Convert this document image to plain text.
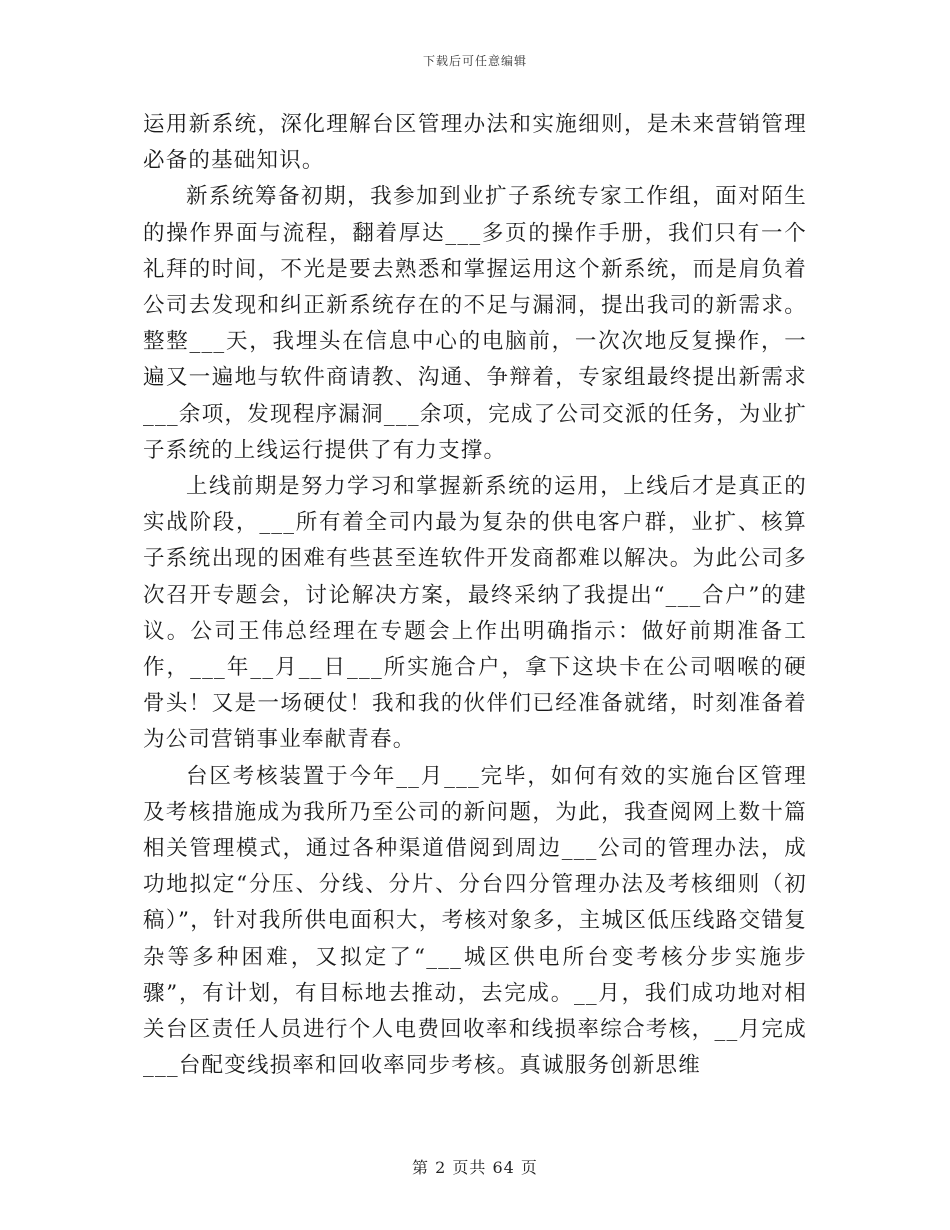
下载后可任意编辑

运用新系统，深化理解台区管理办法和实施细则，是未来营销管理必备的基础知识。

新系统筹备初期，我参加到业扩子系统专家工作组，面对陌生的操作界面与流程，翻着厚达___多页的操作手册，我们只有一个礼拜的时间，不光是要去熟悉和掌握运用这个新系统，而是肩负着公司去发现和纠正新系统存在的不足与漏洞，提出我司的新需求。整整___天，我埋头在信息中心的电脑前，一次次地反复操作，一遍又一遍地与软件商请教、沟通、争辩着，专家组最终提出新需求___余项，发现程序漏洞___余项，完成了公司交派的任务，为业扩子系统的上线运行提供了有力支撑。

上线前期是努力学习和掌握新系统的运用，上线后才是真正的实战阶段，___所有着全司内最为复杂的供电客户群，业扩、核算子系统出现的困难有些甚至连软件开发商都难以解决。为此公司多次召开专题会，讨论解决方案，最终采纳了我提出“___合户”的建议。公司王伟总经理在专题会上作出明确指示：做好前期准备工作，___年__月__日___所实施合户，拿下这块卡在公司咽喉的硬骨头！又是一场硬仗！我和我的伙伴们已经准备就绪，时刻准备着为公司营销事业奉献青春。

台区考核装置于今年__月___完毕，如何有效的实施台区管理及考核措施成为我所乃至公司的新问题，为此，我查阅网上数十篇相关管理模式，通过各种渠道借阅到周边___公司的管理办法，成功地拟定“分压、分线、分片、分台四分管理办法及考核细则（初稿）”，针对我所供电面积大，考核对象多，主城区低压线路交错复杂等多种困难，又拟定了“___城区供电所台变考核分步实施步骤”，有计划，有目标地去推动，去完成。__月，我们成功地对相关台区责任人员进行个人电费回收率和线损率综合考核，__月完成___台配变线损率和回收率同步考核。真诚服务创新思维

第 2 页共 64 页
